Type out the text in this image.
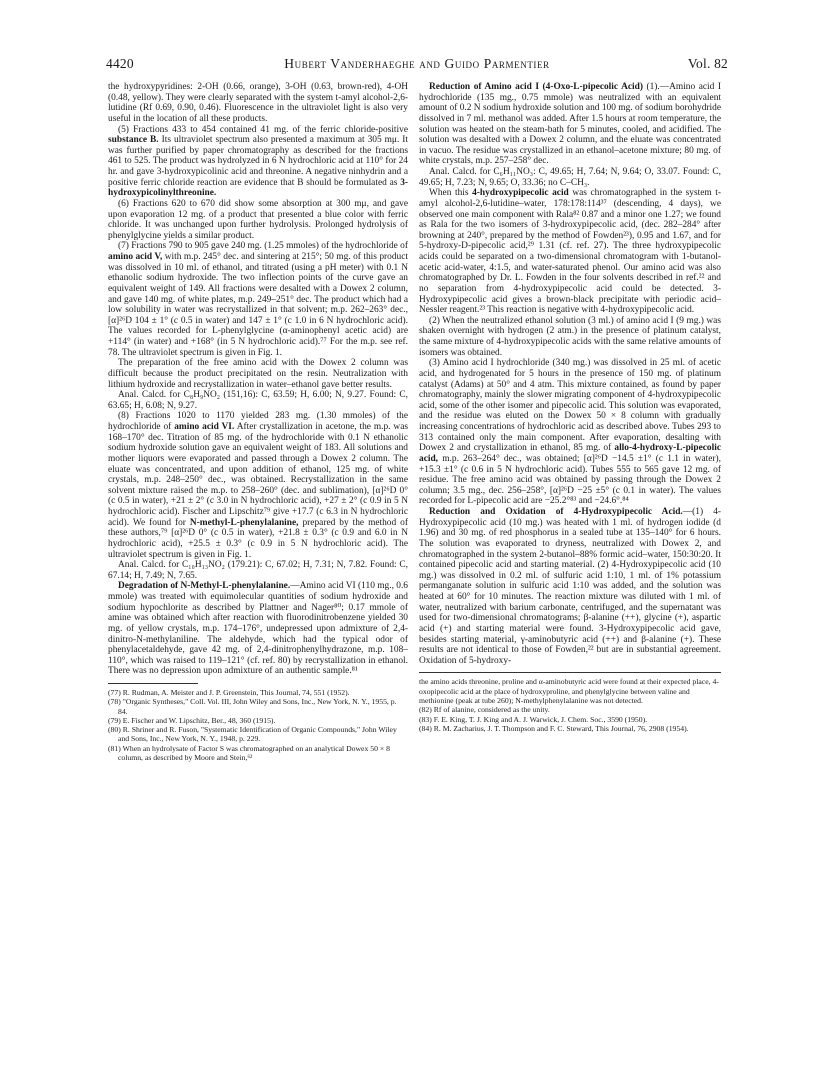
4420	Hubert Vanderhaeghe and Guido Parmentier	Vol. 82

the hydroxypyridines: 2-OH (0.66, orange), 3-OH (0.63, brown-red), 4-OH (0.48, yellow). They were clearly separated with the system t-amyl alcohol-2,6-lutidine (Rf 0.69, 0.90, 0.46). Fluorescence in the ultraviolet light is also very useful in the location of all these products.

(5) Fractions 433 to 454 contained 41 mg. of the ferric chloride-positive substance B. Its ultraviolet spectrum also presented a maximum at 305 mμ. It was further purified by paper chromatography as described for the fractions 461 to 525. The product was hydrolyzed in 6 N hydrochloric acid at 110° for 24 hr. and gave 3-hydroxypicolinic acid and threonine. A negative ninhydrin and a positive ferric chloride reaction are evidence that B should be formulated as 3-hydroxypicolinylthreonine.

(6) Fractions 620 to 670 did show some absorption at 300 mμ, and gave upon evaporation 12 mg. of a product that presented a blue color with ferric chloride. It was unchanged upon further hydrolysis. Prolonged hydrolysis of phenylglycine yields a similar product.

(7) Fractions 790 to 905 gave 240 mg. (1.25 mmoles) of the hydrochloride of amino acid V, with m.p. 245° dec. and sintering at 215°; 50 mg. of this product was dissolved in 10 ml. of ethanol, and titrated (using a pH meter) with 0.1 N ethanolic sodium hydroxide. The two inflection points of the curve gave an equivalent weight of 149. All fractions were desalted with a Dowex 2 column, and gave 140 mg. of white plates, m.p. 249–251° dec. The product which had a low solubility in water was recrystallized in that solvent; m.p. 262–263° dec., [α]²⁶D 104 ± 1° (c 0.5 in water) and 147 ± 1° (c 1.0 in 6 N hydrochloric acid). The values recorded for L-phenylglycine (α-aminophenyl acetic acid) are +114° (in water) and +168° (in 5 N hydrochloric acid).⁷⁷ For the m.p. see ref. 78. The ultraviolet spectrum is given in Fig. 1.

The preparation of the free amino acid with the Dowex 2 column was difficult because the product precipitated on the resin. Neutralization with lithium hydroxide and recrystallization in water–ethanol gave better results.

Anal. Calcd. for C₈H₉NO₂ (151,16): C, 63.59; H, 6.00; N, 9.27. Found: C, 63.65; H, 6.08; N, 9.27.

(8) Fractions 1020 to 1170 yielded 283 mg. (1.30 mmoles) of the hydrochloride of amino acid VI. After crystallization in acetone, the m.p. was 168–170° dec. Titration of 85 mg. of the hydrochloride with 0.1 N ethanolic sodium hydroxide solution gave an equivalent weight of 183. All solutions and mother liquors were evaporated and passed through a Dowex 2 column. The eluate was concentrated, and upon addition of ethanol, 125 mg. of white crystals, m.p. 248–250° dec., was obtained. Recrystallization in the same solvent mixture raised the m.p. to 258–260° (dec. and sublimation), [α]²⁶D 0° (c 0.5 in water), +21 ± 2° (c 3.0 in N hydrochloric acid), +27 ± 2° (c 0.9 in 5 N hydrochloric acid). Fischer and Lipschitz⁷⁹ give +17.7 (c 6.3 in N hydrochloric acid). We found for N-methyl-L-phenylalanine, prepared by the method of these authors,⁷⁹ [α]²⁶D 0° (c 0.5 in water), +21.8 ± 0.3° (c 0.9 and 6.0 in N hydrochloric acid), +25.5 ± 0.3° (c 0.9 in 5 N hydrochloric acid). The ultraviolet spectrum is given in Fig. 1.

Anal. Calcd. for C₁₀H₁₃NO₂ (179.21): C, 67.02; H, 7.31; N, 7.82. Found: C, 67.14; H, 7.49; N, 7.65.

Degradation of N-Methyl-L-phenylalanine.—Amino acid VI (110 mg., 0.6 mmole) was treated with equimolecular quantities of sodium hydroxide and sodium hypochlorite as described by Plattner and Nager⁸⁰; 0.17 mmole of amine was obtained which after reaction with fluorodinitrobenzene yielded 30 mg. of yellow crystals, m.p. 174–176°, undepressed upon admixture of 2,4-dinitro-N-methylaniline. The aldehyde, which had the typical odor of phenylacetaldehyde, gave 42 mg. of 2,4-dinitrophenylhydrazone, m.p. 108–110°, which was raised to 119–121° (cf. ref. 80) by recrystallization in ethanol. There was no depression upon admixture of an authentic sample.⁸¹

(77) R. Rudman, A. Meister and J. P. Greenstein, This Journal, 74, 551 (1952).

(78) "Organic Syntheses," Coll. Vol. III, John Wiley and Sons, Inc., New York, N. Y., 1955, p. 84.

(79) E. Fischer and W. Lipschitz, Ber., 48, 360 (1915).

(80) R. Shriner and R. Fuson, "Systematic Identification of Organic Compounds," John Wiley and Sons, Inc., New York, N. Y., 1948, p. 229.

(81) When an hydrolysate of Factor S was chromatographed on an analytical Dowex 50 × 8 column, as described by Moore and Stein,⁶²

Reduction of Amino acid I (4-Oxo-L-pipecolic Acid) (1).—Amino acid I hydrochloride (135 mg., 0.75 mmole) was neutralized with an equivalent amount of 0.2 N sodium hydroxide solution and 100 mg. of sodium borohydride dissolved in 7 ml. methanol was added. After 1.5 hours at room temperature, the solution was heated on the steam-bath for 5 minutes, cooled, and acidified. The solution was desalted with a Dowex 2 column, and the eluate was concentrated in vacuo. The residue was crystallized in an ethanol–acetone mixture; 80 mg. of white crystals, m.p. 257–258° dec.

Anal. Calcd. for C₆H₁₁NO₃: C, 49.65; H, 7.64; N, 9.64; O, 33.07. Found: C, 49.65; H, 7.23; N, 9.65; O, 33.36; no C–CH₃.

When this 4-hydroxypipecolic acid was chromatographed in the system t-amyl alcohol-2,6-lutidine–water, 178:178:114³⁷ (descending, 4 days), we observed one main component with Rala⁸² 0.87 and a minor one 1.27; we found as Rala for the two isomers of 3-hydroxypipecolic acid, (dec. 282–284° after browning at 240°, prepared by the method of Fowden²³), 0.95 and 1.67, and for 5-hydroxy-D-pipecolic acid,²⁹ 1.31 (cf. ref. 27). The three hydroxypipecolic acids could be separated on a two-dimensional chromatogram with 1-butanol-acetic acid-water, 4:1.5, and water-saturated phenol. Our amino acid was also chromatographed by Dr. L. Fowden in the four solvents described in ref.²² and no separation from 4-hydroxypipecolic acid could be detected. 3-Hydroxypipecolic acid gives a brown-black precipitate with periodic acid–Nessler reagent.²³ This reaction is negative with 4-hydroxypipecolic acid.

(2) When the neutralized ethanol solution (3 ml.) of amino acid I (9 mg.) was shaken overnight with hydrogen (2 atm.) in the presence of platinum catalyst, the same mixture of 4-hydroxypipecolic acids with the same relative amounts of isomers was obtained.

(3) Amino acid I hydrochloride (340 mg.) was dissolved in 25 ml. of acetic acid, and hydrogenated for 5 hours in the presence of 150 mg. of platinum catalyst (Adams) at 50° and 4 atm. This mixture contained, as found by paper chromatography, mainly the slower migrating component of 4-hydroxypipecolic acid, some of the other isomer and pipecolic acid. This solution was evaporated, and the residue was eluted on the Dowex 50 × 8 column with gradually increasing concentrations of hydrochloric acid as described above. Tubes 293 to 313 contained only the main component. After evaporation, desalting with Dowex 2 and crystallization in ethanol, 85 mg. of allo-4-hydroxy-L-pipecolic acid, m.p. 263–264° dec., was obtained; [α]²⁶D −14.5 ±1° (c 1.1 in water), +15.3 ±1° (c 0.6 in 5 N hydrochloric acid). Tubes 555 to 565 gave 12 mg. of residue. The free amino acid was obtained by passing through the Dowex 2 column; 3.5 mg., dec. 256–258°, [α]²⁶D −25 ±5° (c 0.1 in water). The values recorded for L-pipecolic acid are −25.2°⁸³ and −24.6°.⁸⁴

Reduction and Oxidation of 4-Hydroxypipecolic Acid.—(1) 4-Hydroxypipecolic acid (10 mg.) was heated with 1 ml. of hydrogen iodide (d 1.96) and 30 mg. of red phosphorus in a sealed tube at 135–140° for 6 hours. The solution was evaporated to dryness, neutralized with Dowex 2, and chromatographed in the system 2-butanol–88% formic acid–water, 150:30:20. It contained pipecolic acid and starting material. (2) 4-Hydroxypipecolic acid (10 mg.) was dissolved in 0.2 ml. of sulfuric acid 1:10, 1 ml. of 1% potassium permanganate solution in sulfuric acid 1:10 was added, and the solution was heated at 60° for 10 minutes. The reaction mixture was diluted with 1 ml. of water, neutralized with barium carbonate, centrifuged, and the supernatant was used for two-dimensional chromatograms; β-alanine (++), glycine (+), aspartic acid (+) and starting material were found. 3-Hydroxypipecolic acid gave, besides starting material, γ-aminobutyric acid (++) and β-alanine (+). These results are not identical to those of Fowden,²² but are in substantial agreement. Oxidation of 5-hydroxy-

the amino acids threonine, proline and α-aminobutyric acid were found at their expected place, 4-oxopipecolic acid at the place of hydroxyproline, and phenylglycine between valine and methionine (peak at tube 260); N-methylphenylalanine was not detected.

(82) Rf of alanine, considered as the unity.

(83) F. E. King, T. J. King and A. J. Warwick, J. Chem. Soc., 3590 (1950).

(84) R. M. Zacharius, J. T. Thompson and F. C. Steward, This Journal, 76, 2908 (1954).
